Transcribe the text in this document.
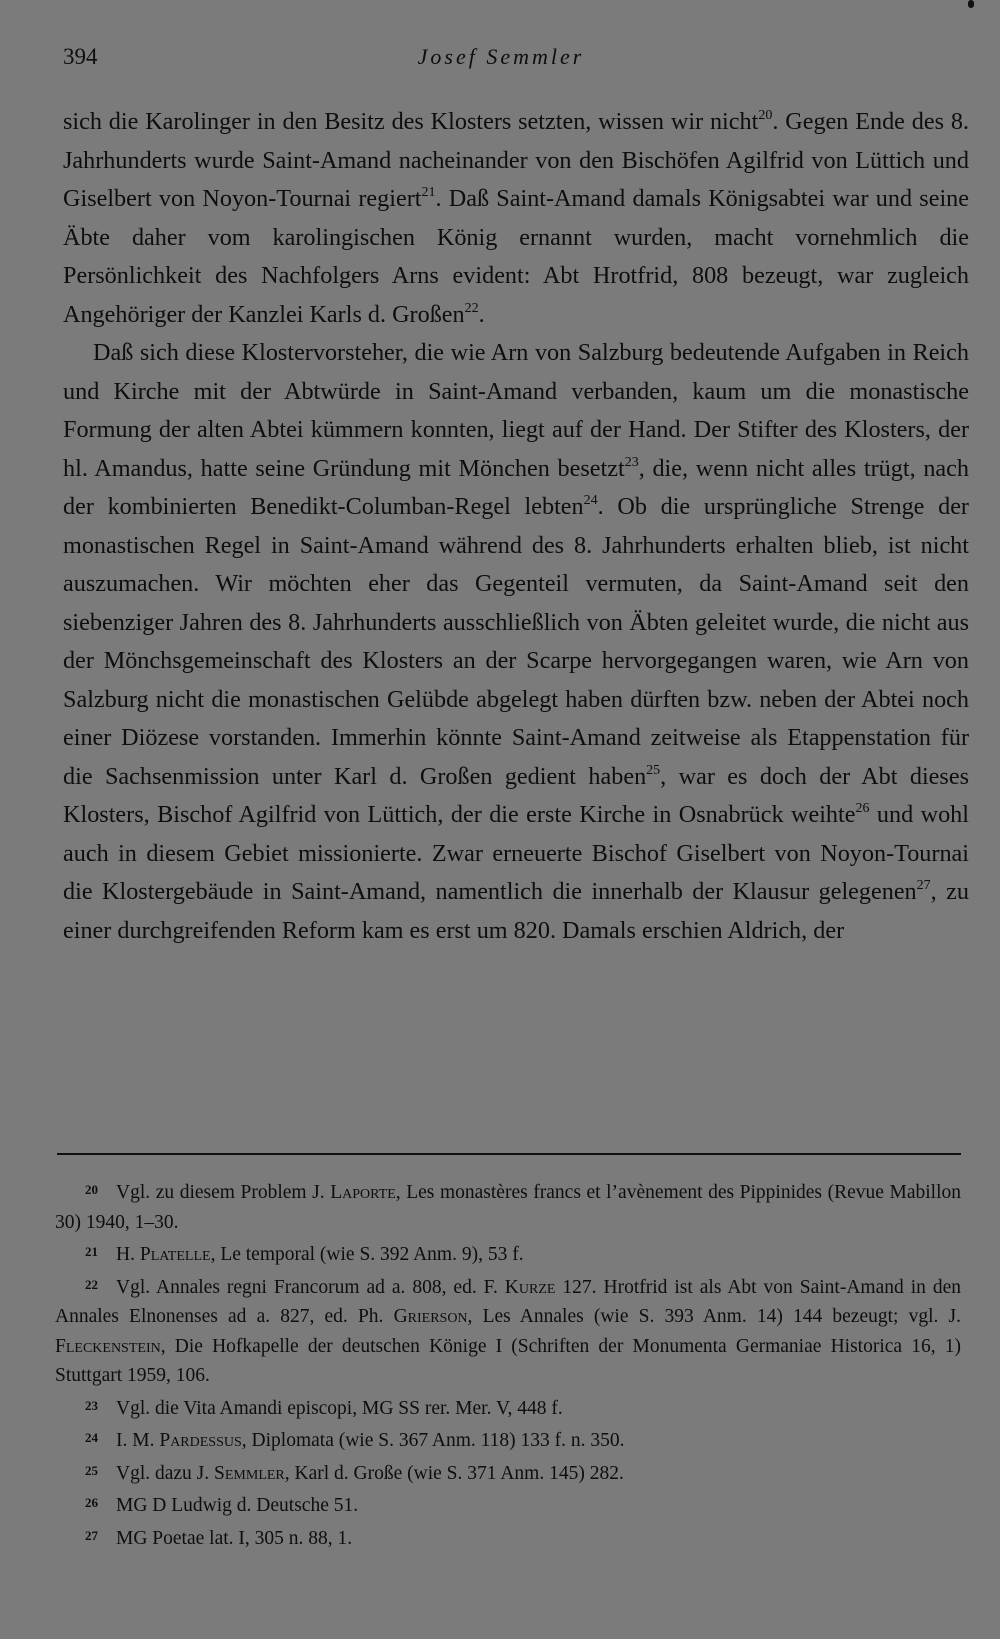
394	Josef Semmler

sich die Karolinger in den Besitz des Klosters setzten, wissen wir nicht$^{20}$. Gegen Ende des 8. Jahrhunderts wurde Saint-Amand nacheinander von den Bischöfen Agilfrid von Lüttich und Giselbert von Noyon-Tournai regiert$^{21}$. Daß Saint-Amand damals Königsabtei war und seine Äbte daher vom karolingischen König ernannt wurden, macht vornehmlich die Persönlichkeit des Nachfolgers Arns evident: Abt Hrotfrid, 808 bezeugt, war zugleich Angehöriger der Kanzlei Karls d. Großen$^{22}$.

Daß sich diese Klostervorsteher, die wie Arn von Salzburg bedeutende Aufgaben in Reich und Kirche mit der Abtwürde in Saint-Amand verbanden, kaum um die monastische Formung der alten Abtei kümmern konnten, liegt auf der Hand. Der Stifter des Klosters, der hl. Amandus, hatte seine Gründung mit Mönchen besetzt$^{23}$, die, wenn nicht alles trügt, nach der kombinierten Benedikt-Columban-Regel lebten$^{24}$. Ob die ursprüngliche Strenge der monastischen Regel in Saint-Amand während des 8. Jahrhunderts erhalten blieb, ist nicht auszumachen. Wir möchten eher das Gegenteil vermuten, da Saint-Amand seit den siebenziger Jahren des 8. Jahrhunderts ausschließlich von Äbten geleitet wurde, die nicht aus der Mönchsgemeinschaft des Klosters an der Scarpe hervorgegangen waren, wie Arn von Salzburg nicht die monastischen Gelübde abgelegt haben dürften bzw. neben der Abtei noch einer Diözese vorstanden. Immerhin könnte Saint-Amand zeitweise als Etappenstation für die Sachsenmission unter Karl d. Großen gedient haben$^{25}$, war es doch der Abt dieses Klosters, Bischof Agilfrid von Lüttich, der die erste Kirche in Osnabrück weihte$^{26}$ und wohl auch in diesem Gebiet missionierte. Zwar erneuerte Bischof Giselbert von Noyon-Tournai die Klostergebäude in Saint-Amand, namentlich die innerhalb der Klausur gelegenen$^{27}$, zu einer durchgreifenden Reform kam es erst um 820. Damals erschien Aldrich, der

20 Vgl. zu diesem Problem J. Laporte, Les monastères francs et l’avènement des Pippinides (Revue Mabillon 30) 1940, 1–30.

21 H. Platelle, Le temporal (wie S. 392 Anm. 9), 53 f.

22 Vgl. Annales regni Francorum ad a. 808, ed. F. Kurze 127. Hrotfrid ist als Abt von Saint-Amand in den Annales Elnonenses ad a. 827, ed. Ph. Grierson, Les Annales (wie S. 393 Anm. 14) 144 bezeugt; vgl. J. Fleckenstein, Die Hofkapelle der deutschen Könige I (Schriften der Monumenta Germaniae Historica 16, 1) Stuttgart 1959, 106.

23 Vgl. die Vita Amandi episcopi, MG SS rer. Mer. V, 448 f.

24 I. M. Pardessus, Diplomata (wie S. 367 Anm. 118) 133 f. n. 350.

25 Vgl. dazu J. Semmler, Karl d. Große (wie S. 371 Anm. 145) 282.

26 MG D Ludwig d. Deutsche 51.

27 MG Poetae lat. I, 305 n. 88, 1.
